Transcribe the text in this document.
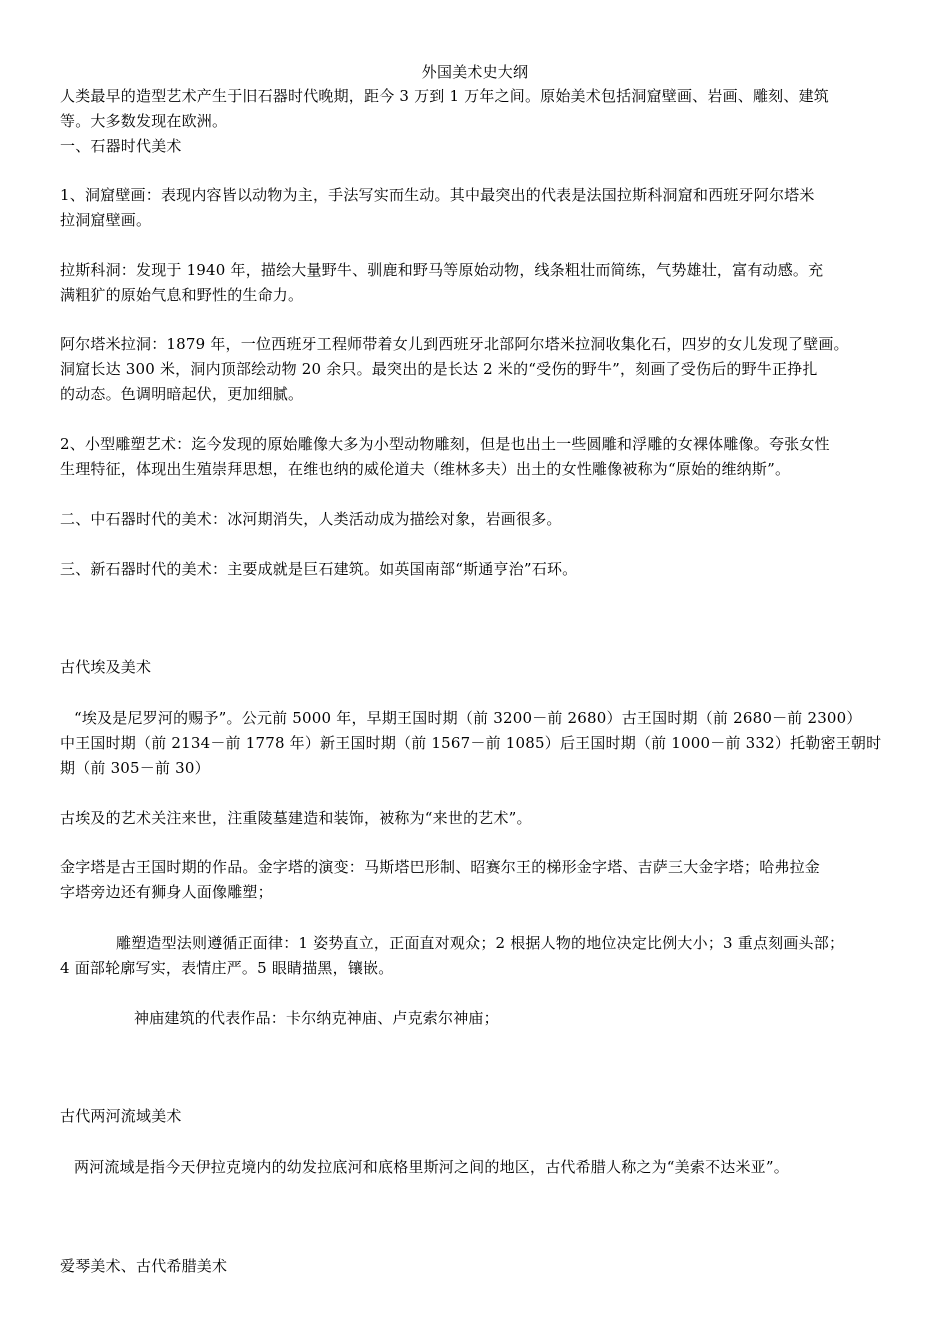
外国美术史大纲
人类最早的造型艺术产生于旧石器时代晚期，距今 3 万到 1 万年之间。原始美术包括洞窟壁画、岩画、雕刻、建筑
等。大多数发现在欧洲。
一、石器时代美术
1、洞窟壁画：表现内容皆以动物为主，手法写实而生动。其中最突出的代表是法国拉斯科洞窟和西班牙阿尔塔米
拉洞窟壁画。
拉斯科洞：发现于 1940 年，描绘大量野牛、驯鹿和野马等原始动物，线条粗壮而简练，气势雄壮，富有动感。充
满粗犷的原始气息和野性的生命力。
阿尔塔米拉洞：1879 年，一位西班牙工程师带着女儿到西班牙北部阿尔塔米拉洞收集化石，四岁的女儿发现了壁画。
洞窟长达 300 米，洞内顶部绘动物 20 余只。最突出的是长达 2 米的“受伤的野牛”，刻画了受伤后的野牛正挣扎
的动态。色调明暗起伏，更加细腻。
2、小型雕塑艺术：迄今发现的原始雕像大多为小型动物雕刻，但是也出土一些圆雕和浮雕的女裸体雕像。夸张女性
生理特征，体现出生殖崇拜思想，在维也纳的威伦道夫（维林多夫）出土的女性雕像被称为“原始的维纳斯”。
二、中石器时代的美术：冰河期消失，人类活动成为描绘对象，岩画很多。
三、新石器时代的美术：主要成就是巨石建筑。如英国南部“斯通亨治”石环。
古代埃及美术
“埃及是尼罗河的赐予”。公元前 5000 年，早期王国时期（前 3200－前 2680）古王国时期（前 2680－前 2300）
中王国时期（前 2134－前 1778 年）新王国时期（前 1567－前 1085）后王国时期（前 1000－前 332）托勒密王朝时
期（前 305－前 30）
古埃及的艺术关注来世，注重陵墓建造和装饰，被称为“来世的艺术”。
金字塔是古王国时期的作品。金字塔的演变：马斯塔巴形制、昭赛尔王的梯形金字塔、吉萨三大金字塔；哈弗拉金
字塔旁边还有狮身人面像雕塑；
雕塑造型法则遵循正面律：1 姿势直立，正面直对观众；2 根据人物的地位决定比例大小；3 重点刻画头部；
4 面部轮廓写实，表情庄严。5 眼睛描黑，镶嵌。
神庙建筑的代表作品：卡尔纳克神庙、卢克索尔神庙；
古代两河流域美术
两河流域是指今天伊拉克境内的幼发拉底河和底格里斯河之间的地区，古代希腊人称之为“美索不达米亚”。
爱琴美术、古代希腊美术
